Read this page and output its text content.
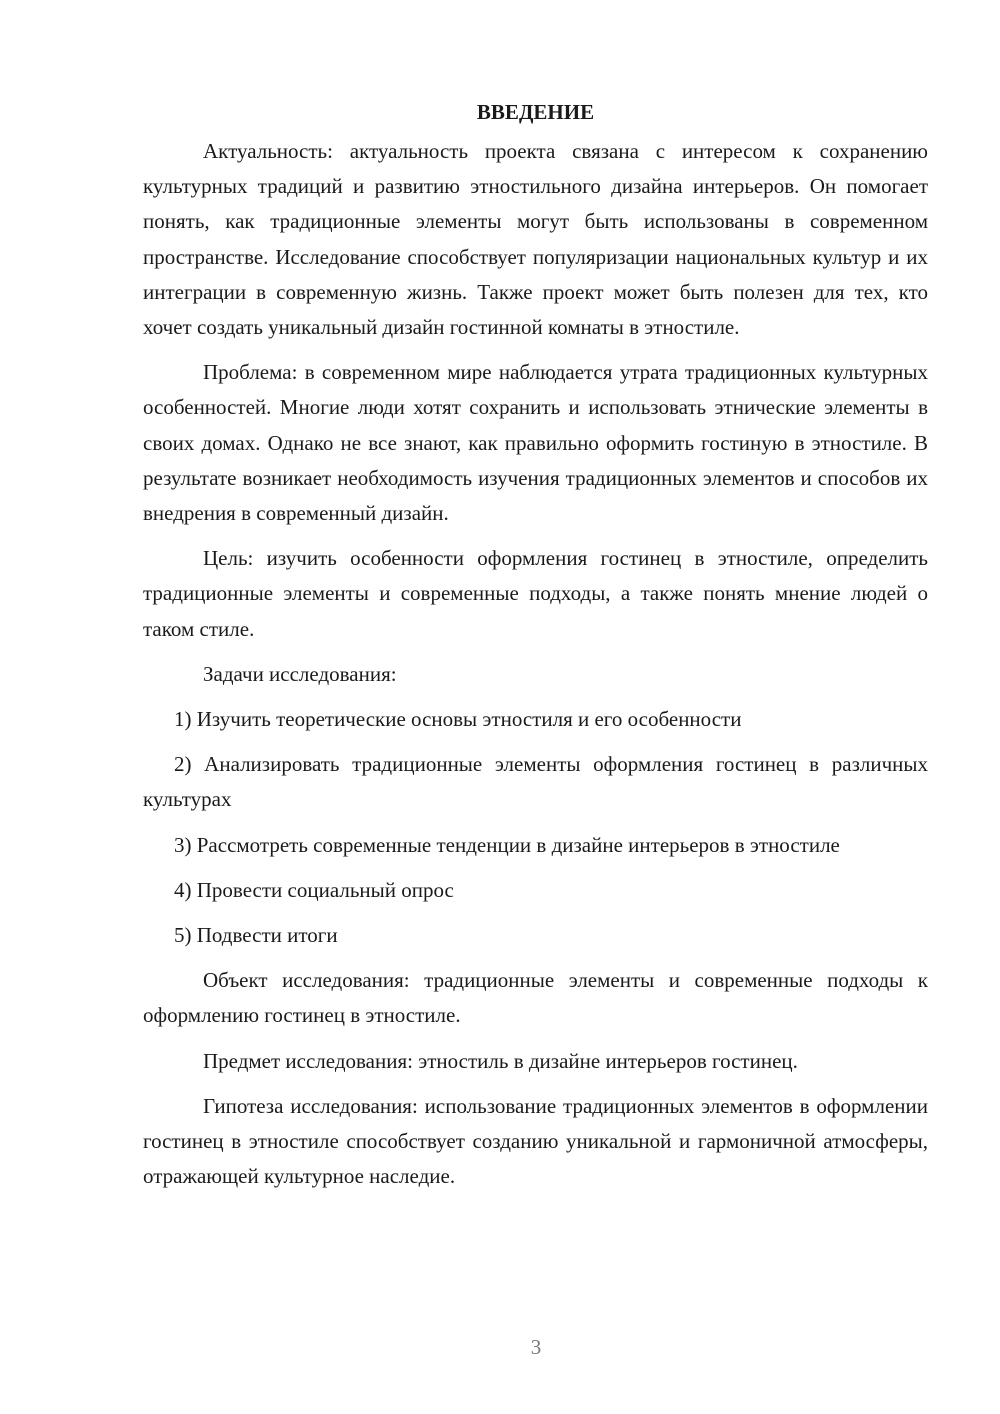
ВВЕДЕНИЕ

Актуальность: актуальность проекта связана с интересом к сохранению культурных традиций и развитию этностильного дизайна интерьеров. Он помогает понять, как традиционные элементы могут быть использованы в современном пространстве. Исследование способствует популяризации национальных культур и их интеграции в современную жизнь. Также проект может быть полезен для тех, кто хочет создать уникальный дизайн гостинной комнаты в этностиле.

Проблема: в современном мире наблюдается утрата традиционных культурных особенностей. Многие люди хотят сохранить и использовать этнические элементы в своих домах. Однако не все знают, как правильно оформить гостиную в этностиле. В результате возникает необходимость изучения традиционных элементов и способов их внедрения в современный дизайн.

Цель: изучить особенности оформления гостинец в этностиле, определить традиционные элементы и современные подходы, а также понять мнение людей о таком стиле.

Задачи исследования:

1) Изучить теоретические основы этностиля и его особенности

2) Анализировать традиционные элементы оформления гостинец в различных культурах

3) Рассмотреть современные тенденции в дизайне интерьеров в этностиле

4) Провести социальный опрос

5) Подвести итоги

Объект исследования: традиционные элементы и современные подходы к оформлению гостинец в этностиле.

Предмет исследования: этностиль в дизайне интерьеров гостинец.

Гипотеза исследования: использование традиционных элементов в оформлении гостинец в этностиле способствует созданию уникальной и гармоничной атмосферы, отражающей культурное наследие.

3
